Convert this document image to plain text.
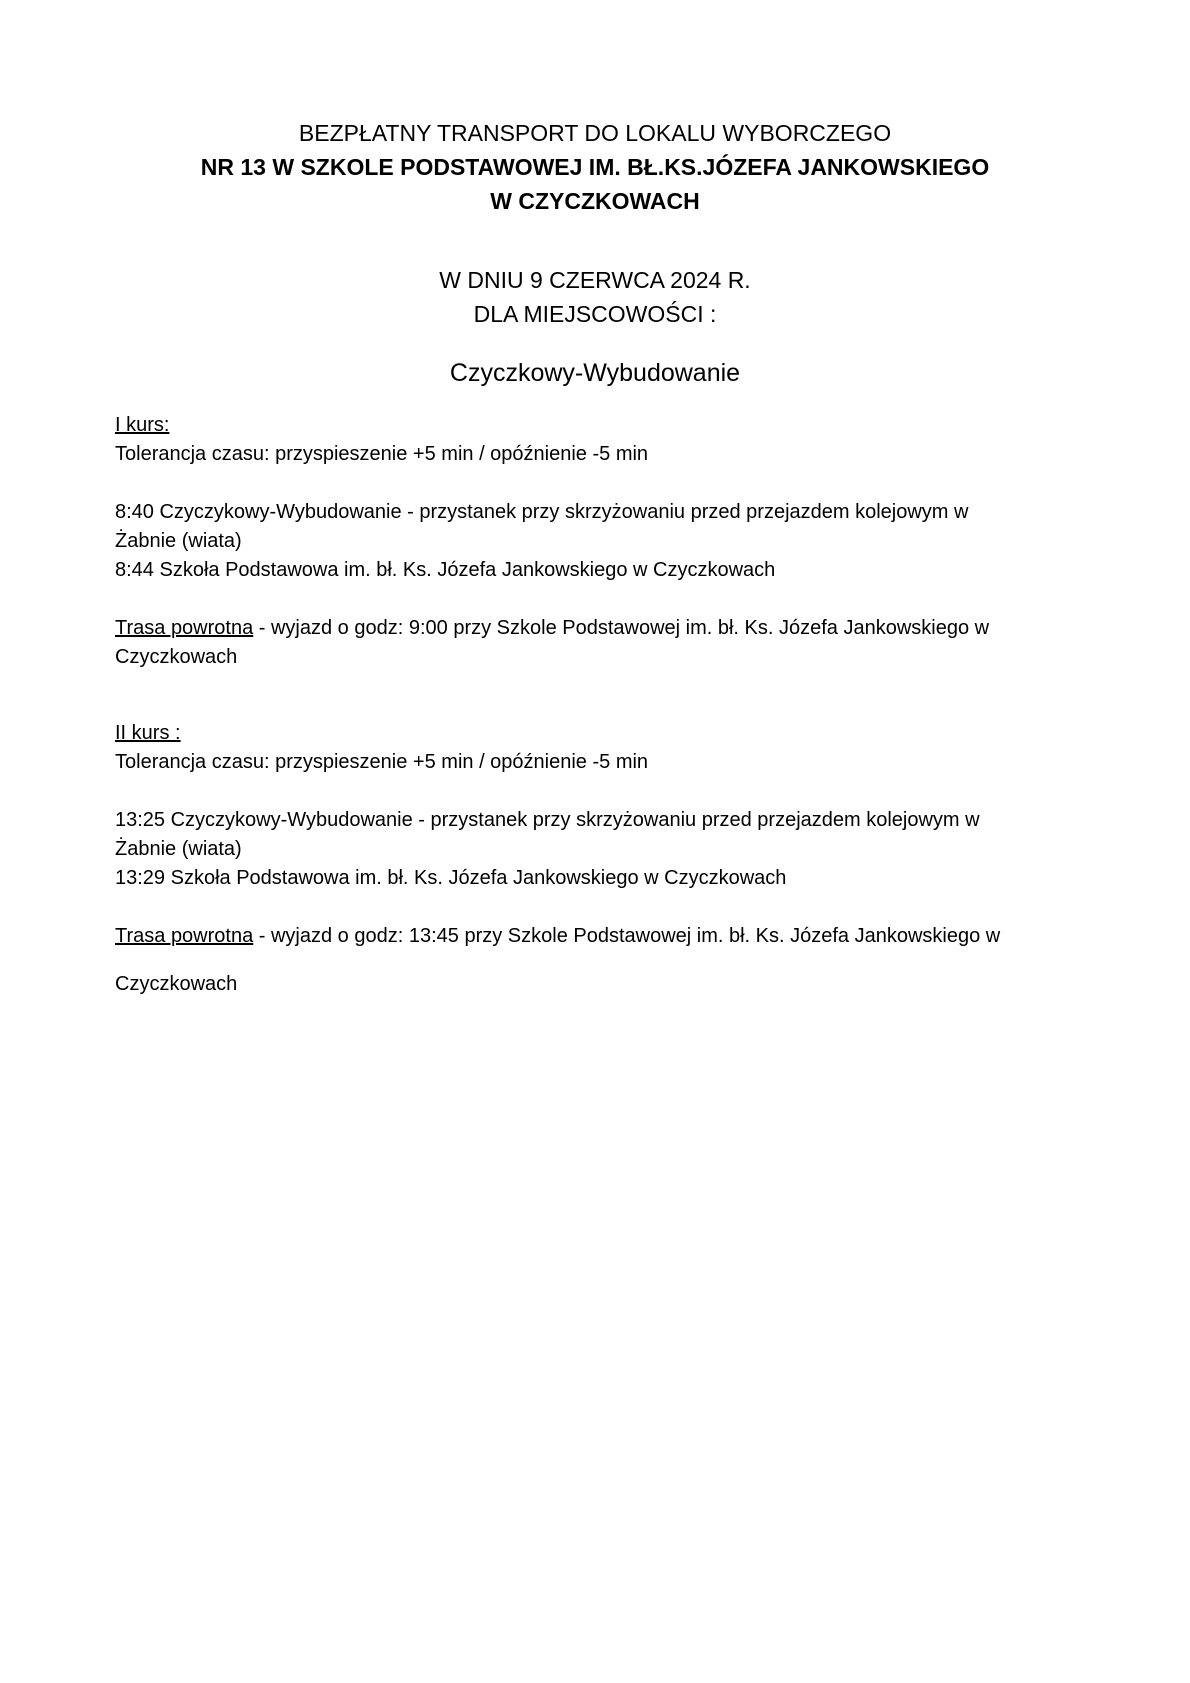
BEZPŁATNY TRANSPORT DO LOKALU WYBORCZEGO
NR 13 W SZKOLE PODSTAWOWEJ IM. BŁ.KS.JÓZEFA JANKOWSKIEGO
W CZYCZKOWACH
W DNIU 9 CZERWCA 2024 R.
DLA MIEJSCOWOŚCI :
Czyczkowy-Wybudowanie

I kurs:

Tolerancja czasu: przyspieszenie +5 min / opóźnienie -5 min

8:40 Czyczykowy-Wybudowanie - przystanek przy skrzyżowaniu przed przejazdem kolejowym w

Żabnie (wiata)

8:44 Szkoła Podstawowa im. bł. Ks. Józefa Jankowskiego w Czyczkowach

Trasa powrotna - wyjazd o godz: 9:00 przy Szkole Podstawowej im. bł. Ks. Józefa Jankowskiego w

Czyczkowach

II kurs :

Tolerancja czasu: przyspieszenie +5 min / opóźnienie -5 min

13:25 Czyczykowy-Wybudowanie - przystanek przy skrzyżowaniu przed przejazdem kolejowym w

Żabnie (wiata)

13:29 Szkoła Podstawowa im. bł. Ks. Józefa Jankowskiego w Czyczkowach

Trasa powrotna - wyjazd o godz: 13:45 przy Szkole Podstawowej im. bł. Ks. Józefa Jankowskiego w

Czyczkowach
